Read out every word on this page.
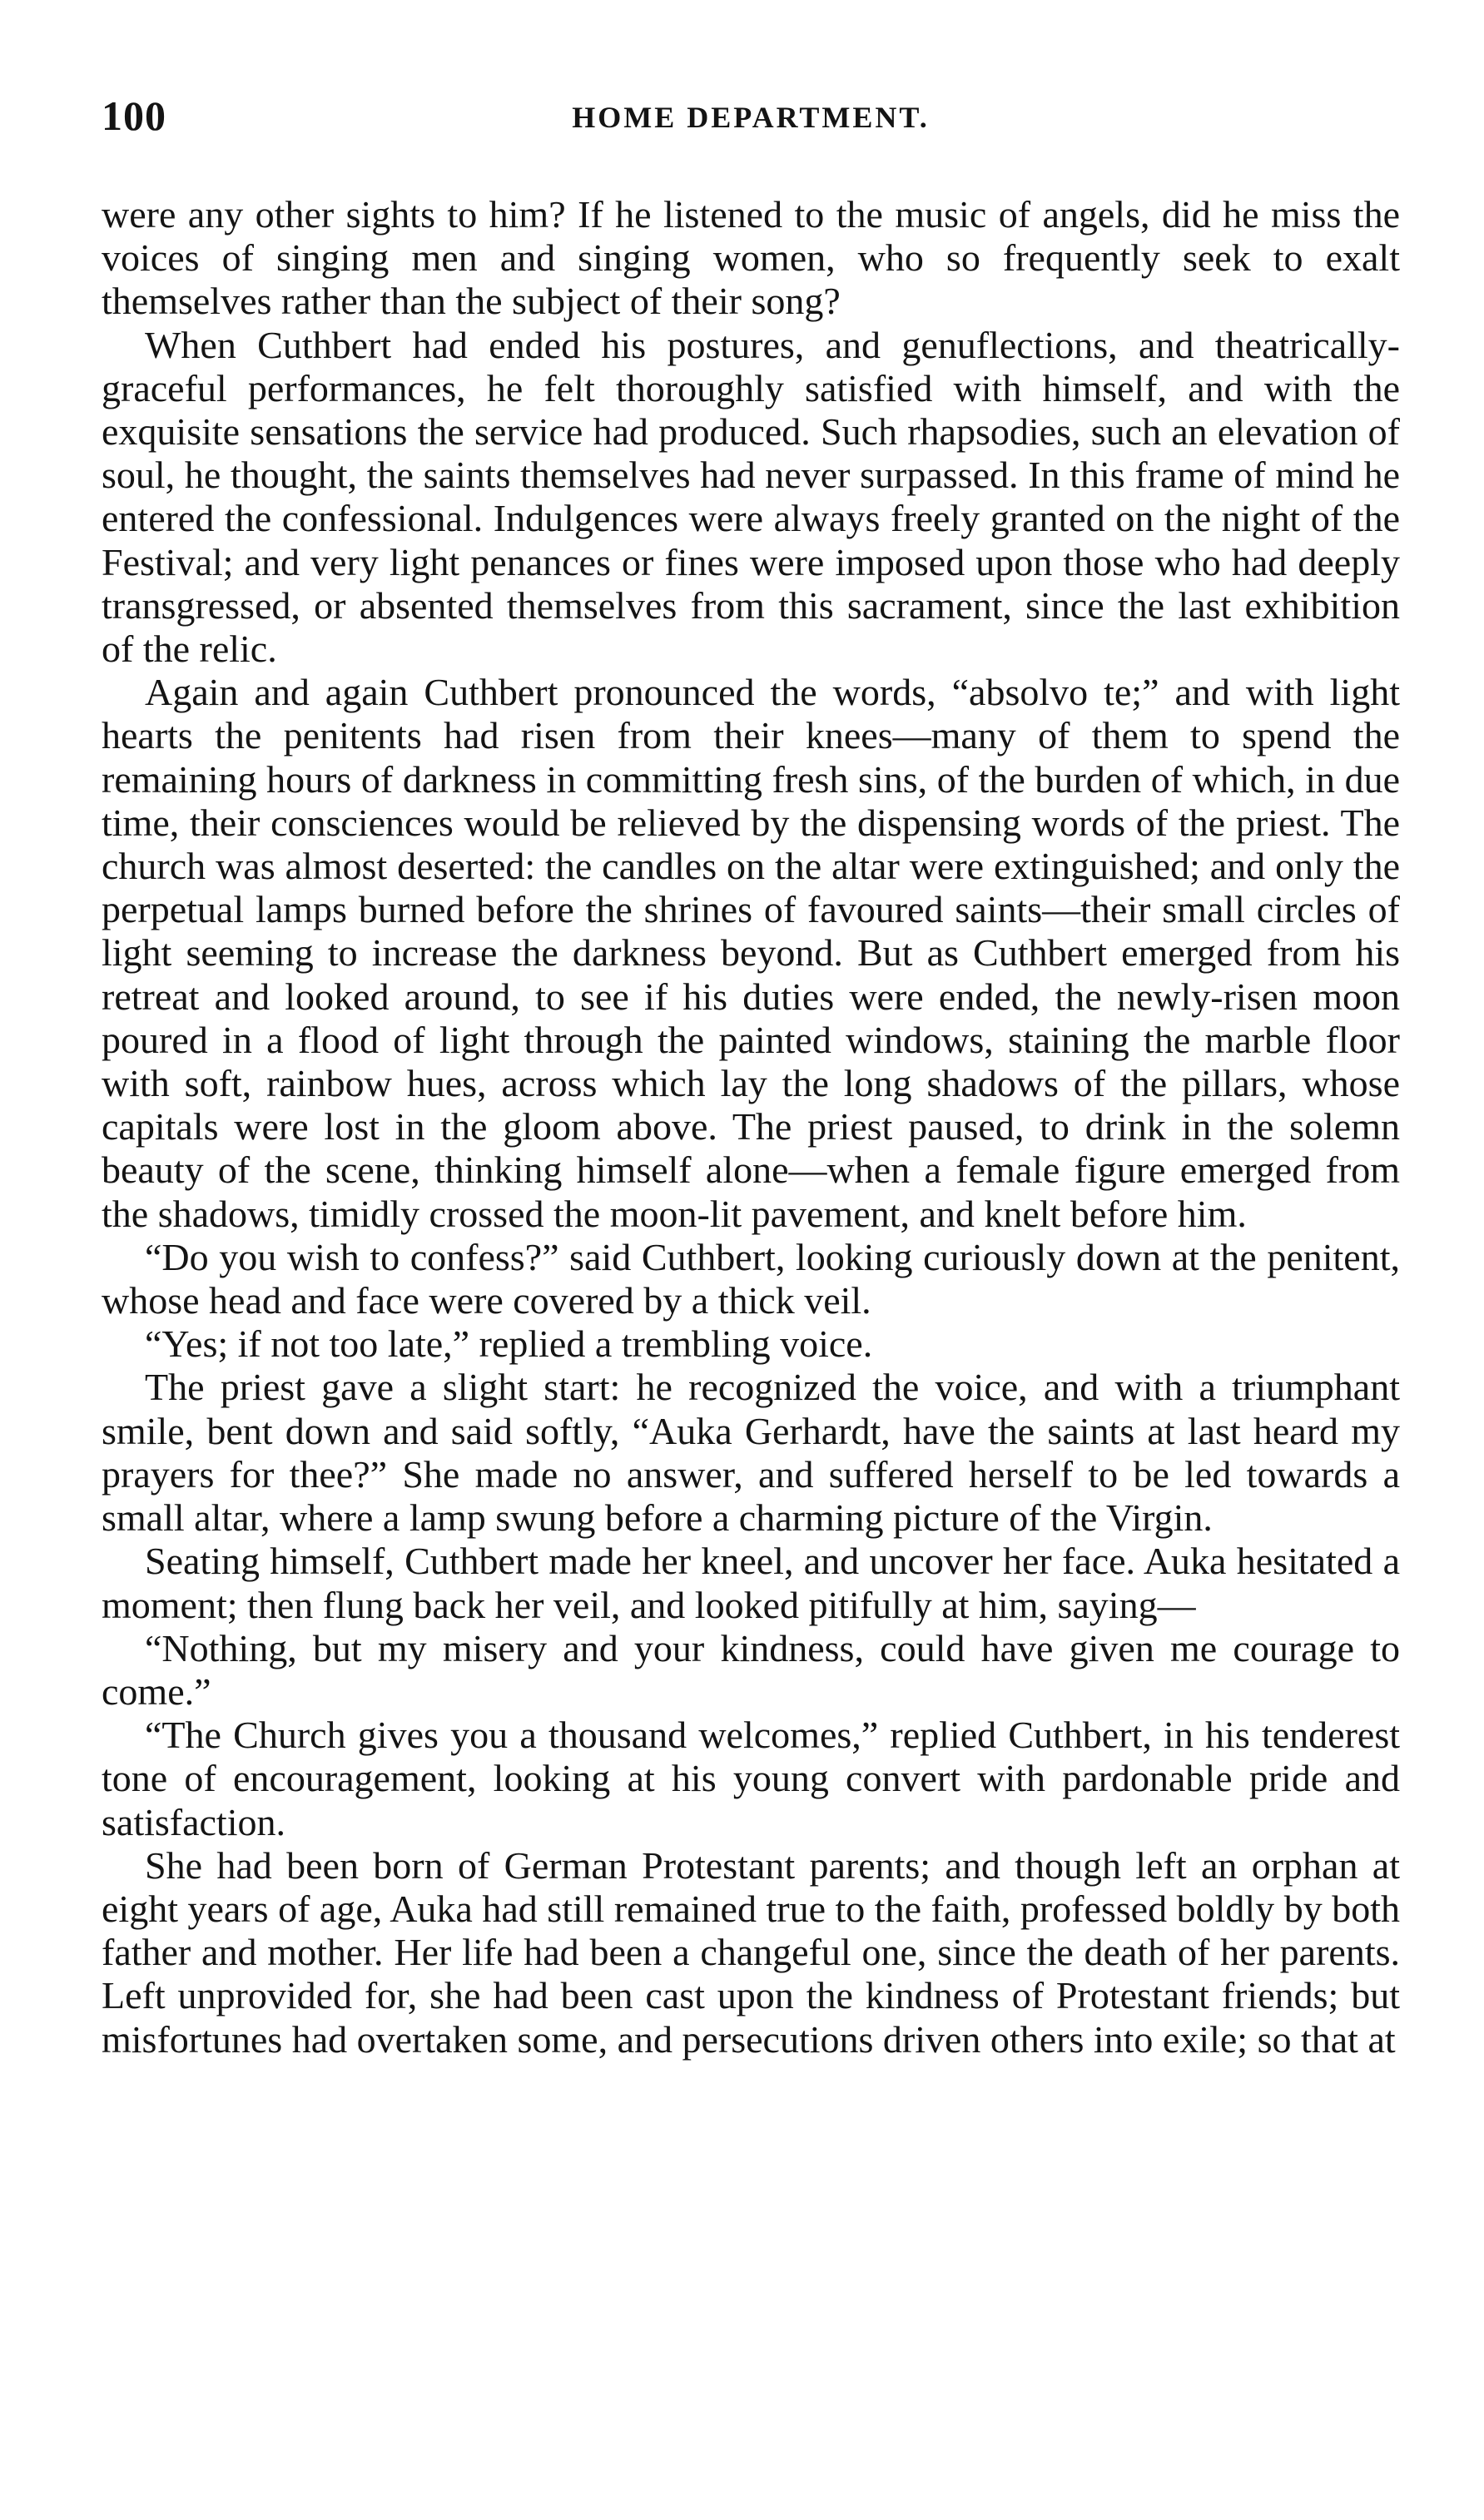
100	HOME DEPARTMENT.

were any other sights to him? If he listened to the music of angels, did he miss the voices of singing men and singing women, who so frequently seek to exalt themselves rather than the subject of their song?

When Cuthbert had ended his postures, and genuflections, and theatrically-graceful performances, he felt thoroughly satisfied with himself, and with the exquisite sensations the service had produced. Such rhapsodies, such an elevation of soul, he thought, the saints themselves had never surpassed. In this frame of mind he entered the confessional. Indulgences were always freely granted on the night of the Festival; and very light penances or fines were imposed upon those who had deeply transgressed, or absented themselves from this sacrament, since the last exhibition of the relic.

Again and again Cuthbert pronounced the words, “absolvo te;” and with light hearts the penitents had risen from their knees—many of them to spend the remaining hours of darkness in committing fresh sins, of the burden of which, in due time, their consciences would be relieved by the dispensing words of the priest. The church was almost deserted: the candles on the altar were extinguished; and only the perpetual lamps burned before the shrines of favoured saints—their small circles of light seeming to increase the darkness beyond. But as Cuthbert emerged from his retreat and looked around, to see if his duties were ended, the newly-risen moon poured in a flood of light through the painted windows, staining the marble floor with soft, rainbow hues, across which lay the long shadows of the pillars, whose capitals were lost in the gloom above. The priest paused, to drink in the solemn beauty of the scene, thinking himself alone—when a female figure emerged from the shadows, timidly crossed the moon-lit pavement, and knelt before him.

“Do you wish to confess?” said Cuthbert, looking curiously down at the penitent, whose head and face were covered by a thick veil.

“Yes; if not too late,” replied a trembling voice.

The priest gave a slight start: he recognized the voice, and with a triumphant smile, bent down and said softly, “Auka Gerhardt, have the saints at last heard my prayers for thee?” She made no answer, and suffered herself to be led towards a small altar, where a lamp swung before a charming picture of the Virgin.

Seating himself, Cuthbert made her kneel, and uncover her face. Auka hesitated a moment; then flung back her veil, and looked pitifully at him, saying—

“Nothing, but my misery and your kindness, could have given me courage to come.”

“The Church gives you a thousand welcomes,” replied Cuthbert, in his tenderest tone of encouragement, looking at his young convert with pardonable pride and satisfaction.

She had been born of German Protestant parents; and though left an orphan at eight years of age, Auka had still remained true to the faith, professed boldly by both father and mother. Her life had been a changeful one, since the death of her parents. Left unprovided for, she had been cast upon the kindness of Protestant friends; but misfortunes had overtaken some, and persecutions driven others into exile; so that at
